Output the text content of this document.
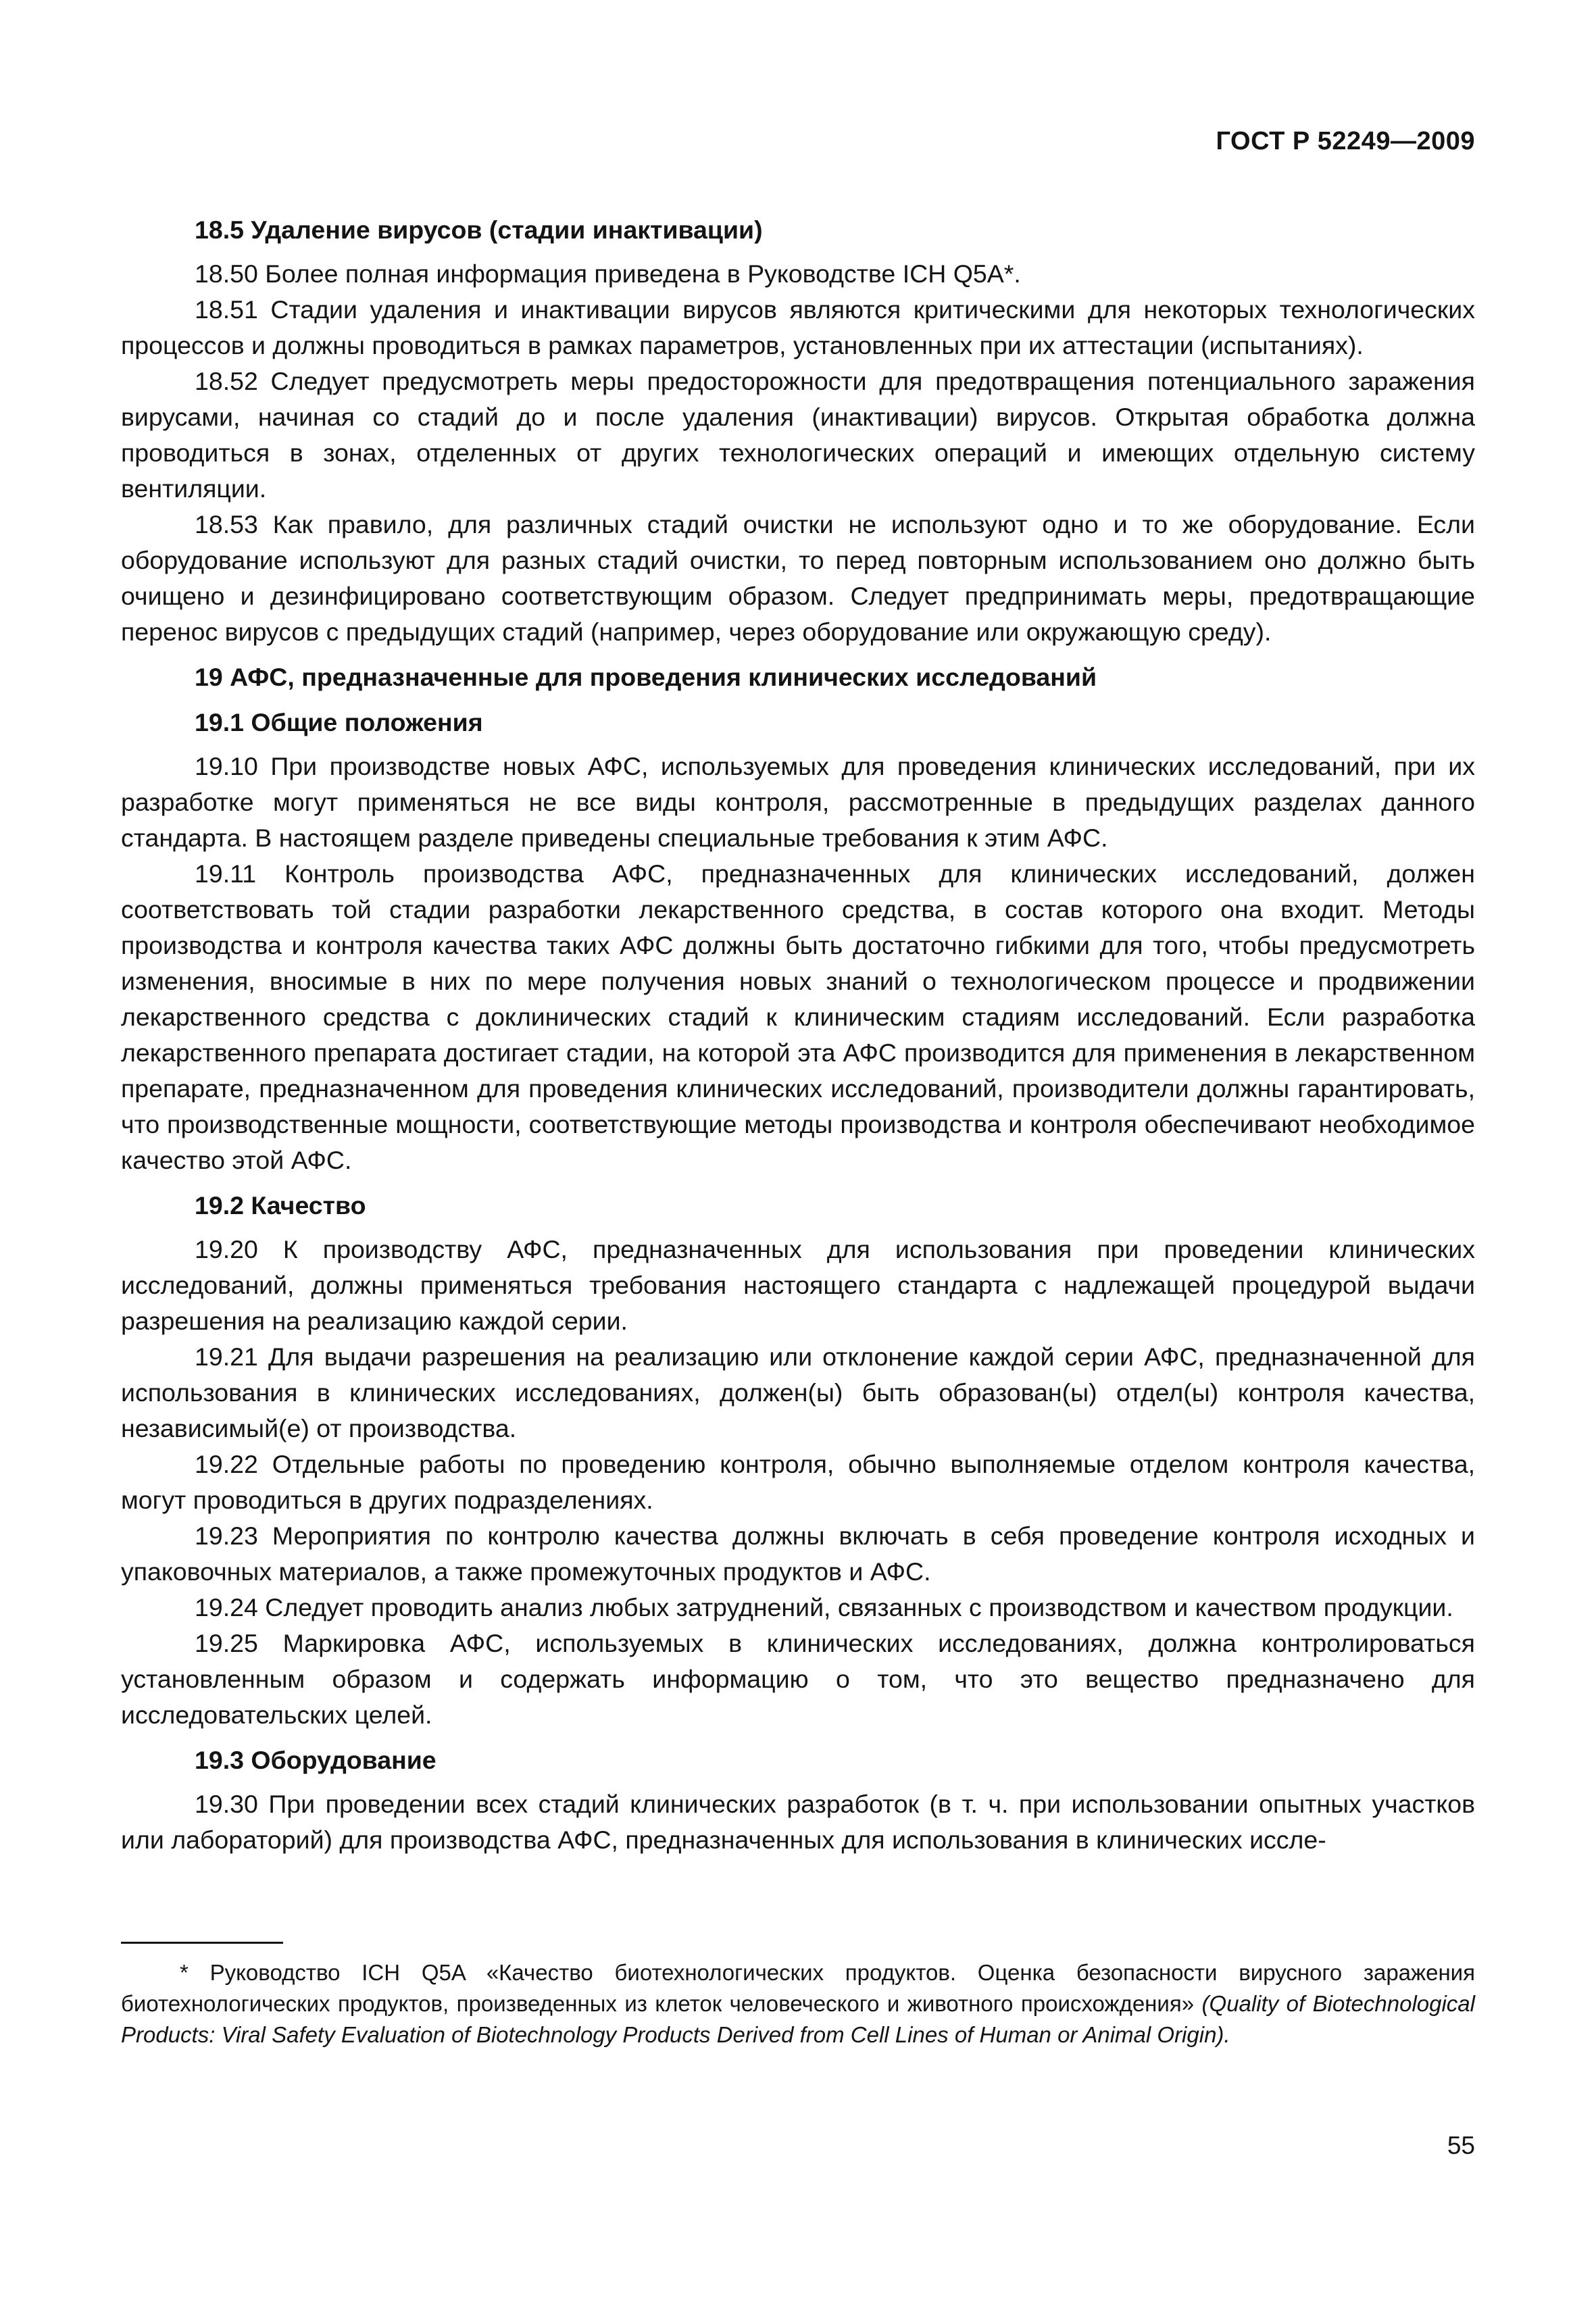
ГОСТ Р 52249—2009
18.5 Удаление вирусов (стадии инактивации)

18.50 Более полная информация приведена в Руководстве ICH Q5A*.

18.51 Стадии удаления и инактивации вирусов являются критическими для некоторых технологических процессов и должны проводиться в рамках параметров, установленных при их аттестации (испытаниях).

18.52 Следует предусмотреть меры предосторожности для предотвращения потенциального заражения вирусами, начиная со стадий до и после удаления (инактивации) вирусов. Открытая обработка должна проводиться в зонах, отделенных от других технологических операций и имеющих отдельную систему вентиляции.

18.53 Как правило, для различных стадий очистки не используют одно и то же оборудование. Если оборудование используют для разных стадий очистки, то перед повторным использованием оно должно быть очищено и дезинфицировано соответствующим образом. Следует предпринимать меры, предотвращающие перенос вирусов с предыдущих стадий (например, через оборудование или окружающую среду).

19 АФС, предназначенные для проведения клинических исследований
19.1 Общие положения

19.10 При производстве новых АФС, используемых для проведения клинических исследований, при их разработке могут применяться не все виды контроля, рассмотренные в предыдущих разделах данного стандарта. В настоящем разделе приведены специальные требования к этим АФС.

19.11 Контроль производства АФС, предназначенных для клинических исследований, должен соответствовать той стадии разработки лекарственного средства, в состав которого она входит. Методы производства и контроля качества таких АФС должны быть достаточно гибкими для того, чтобы предусмотреть изменения, вносимые в них по мере получения новых знаний о технологическом процессе и продвижении лекарственного средства с доклинических стадий к клиническим стадиям исследований. Если разработка лекарственного препарата достигает стадии, на которой эта АФС производится для применения в лекарственном препарате, предназначенном для проведения клинических исследований, производители должны гарантировать, что производственные мощности, соответствующие методы производства и контроля обеспечивают необходимое качество этой АФС.

19.2 Качество

19.20 К производству АФС, предназначенных для использования при проведении клинических исследований, должны применяться требования настоящего стандарта с надлежащей процедурой выдачи разрешения на реализацию каждой серии.

19.21 Для выдачи разрешения на реализацию или отклонение каждой серии АФС, предназначенной для использования в клинических исследованиях, должен(ы) быть образован(ы) отдел(ы) контроля качества, независимый(е) от производства.

19.22 Отдельные работы по проведению контроля, обычно выполняемые отделом контроля качества, могут проводиться в других подразделениях.

19.23 Мероприятия по контролю качества должны включать в себя проведение контроля исходных и упаковочных материалов, а также промежуточных продуктов и АФС.

19.24 Следует проводить анализ любых затруднений, связанных с производством и качеством продукции.

19.25 Маркировка АФС, используемых в клинических исследованиях, должна контролироваться установленным образом и содержать информацию о том, что это вещество предназначено для исследовательских целей.

19.3 Оборудование

19.30 При проведении всех стадий клинических разработок (в т. ч. при использовании опытных участков или лабораторий) для производства АФС, предназначенных для использования в клинических иссле-

* Руководство ICH Q5A «Качество биотехнологических продуктов. Оценка безопасности вирусного заражения биотехнологических продуктов, произведенных из клеток человеческого и животного происхождения» (Quality of Biotechnological Products: Viral Safety Evaluation of Biotechnology Products Derived from Cell Lines of Human or Animal Origin).

55
